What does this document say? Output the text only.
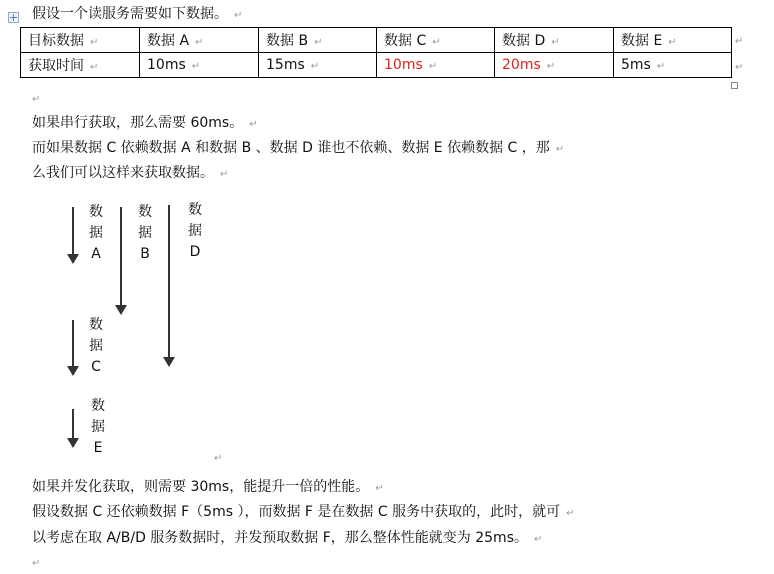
假设一个读服务需要如下数据。 ↵
目标数据 ↵	数据 A ↵	数据 B ↵	数据 C ↵	数据 D ↵	数据 E ↵
获取时间 ↵	10ms ↵	15ms ↵	10ms ↵	20ms ↵	5ms ↵
↵
↵
↵
如果串行获取，那么需要 60ms。 ↵
而如果数据 C 依赖数据 A 和数据 B 、数据 D 谁也不依赖、数据 E 依赖数据 C ，那 ↵
么我们可以这样来获取数据。 ↵
数
据
A
数
据
B
数
据
D
数
据
C
数
据
E
↵
如果并发化获取，则需要 30ms，能提升一倍的性能。 ↵
假设数据 C 还依赖数据 F（5ms ），而数据 F 是在数据 C 服务中获取的，此时，就可 ↵
以考虑在取 A/B/D 服务数据时，并发预取数据 F，那么整体性能就变为 25ms。 ↵
↵
